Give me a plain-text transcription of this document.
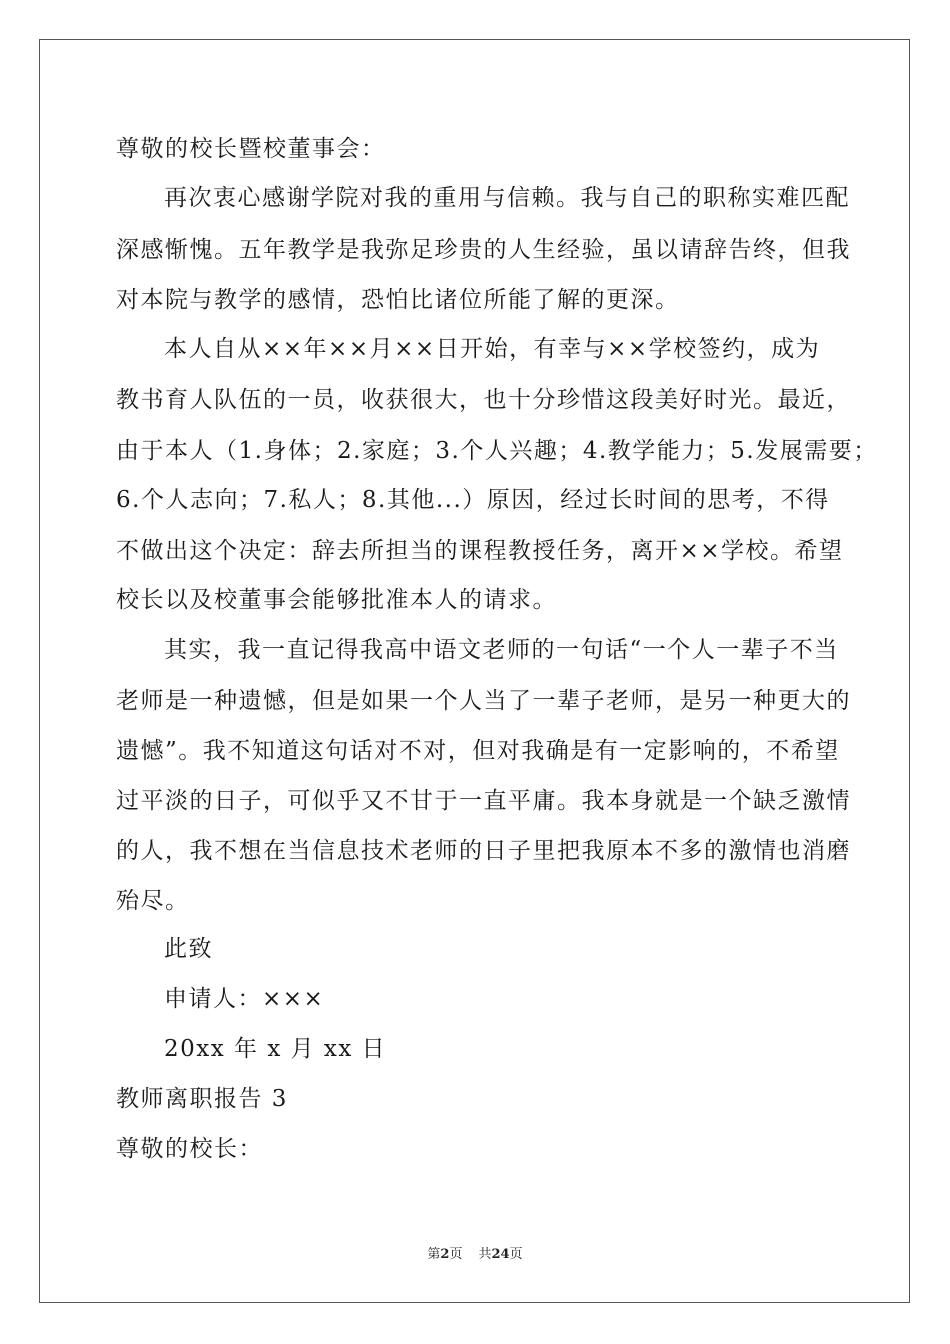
尊敬的校长暨校董事会：
再次衷心感谢学院对我的重用与信赖。我与自己的职称实难匹配
深感惭愧。五年教学是我弥足珍贵的人生经验，虽以请辞告终，但我
对本院与教学的感情，恐怕比诸位所能了解的更深。
本人自从××年××月××日开始，有幸与××学校签约，成为
教书育人队伍的一员，收获很大，也十分珍惜这段美好时光。最近，
由于本人（1.身体；2.家庭；3.个人兴趣；4.教学能力；5.发展需要；
6.个人志向；7.私人；8.其他...）原因，经过长时间的思考，不得
不做出这个决定：辞去所担当的课程教授任务，离开××学校。希望
校长以及校董事会能够批准本人的请求。
其实，我一直记得我高中语文老师的一句话“一个人一辈子不当
老师是一种遗憾，但是如果一个人当了一辈子老师，是另一种更大的
遗憾”。我不知道这句话对不对，但对我确是有一定影响的，不希望
过平淡的日子，可似乎又不甘于一直平庸。我本身就是一个缺乏激情
的人，我不想在当信息技术老师的日子里把我原本不多的激情也消磨
殆尽。
此致
申请人：×××
20xx 年 x 月 xx 日
教师离职报告 3
尊敬的校长：
第2页 共24页
